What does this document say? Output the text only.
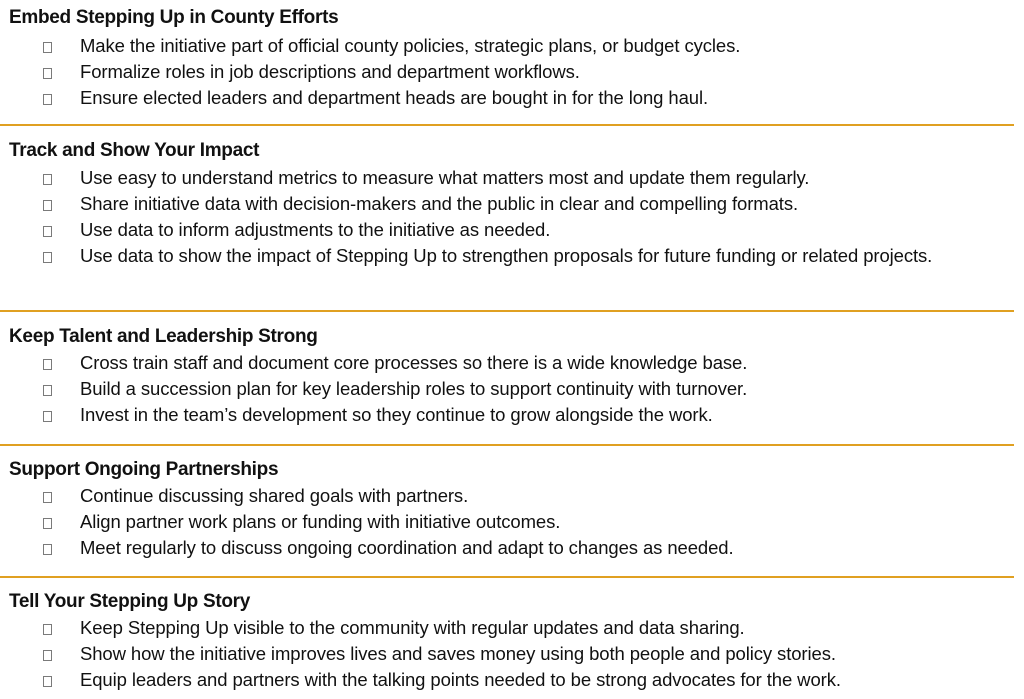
Embed Stepping Up in County Efforts
Make the initiative part of official county policies, strategic plans, or budget cycles.
Formalize roles in job descriptions and department workflows.
Ensure elected leaders and department heads are bought in for the long haul.
Track and Show Your Impact
Use easy to understand metrics to measure what matters most and update them regularly.
Share initiative data with decision-makers and the public in clear and compelling formats.
Use data to inform adjustments to the initiative as needed.
Use data to show the impact of Stepping Up to strengthen proposals for future funding or related projects.
Keep Talent and Leadership Strong
Cross train staff and document core processes so there is a wide knowledge base.
Build a succession plan for key leadership roles to support continuity with turnover.
Invest in the team’s development so they continue to grow alongside the work.
Support Ongoing Partnerships
Continue discussing shared goals with partners.
Align partner work plans or funding with initiative outcomes.
Meet regularly to discuss ongoing coordination and adapt to changes as needed.
Tell Your Stepping Up Story
Keep Stepping Up visible to the community with regular updates and data sharing.
Show how the initiative improves lives and saves money using both people and policy stories.
Equip leaders and partners with the talking points needed to be strong advocates for the work.
